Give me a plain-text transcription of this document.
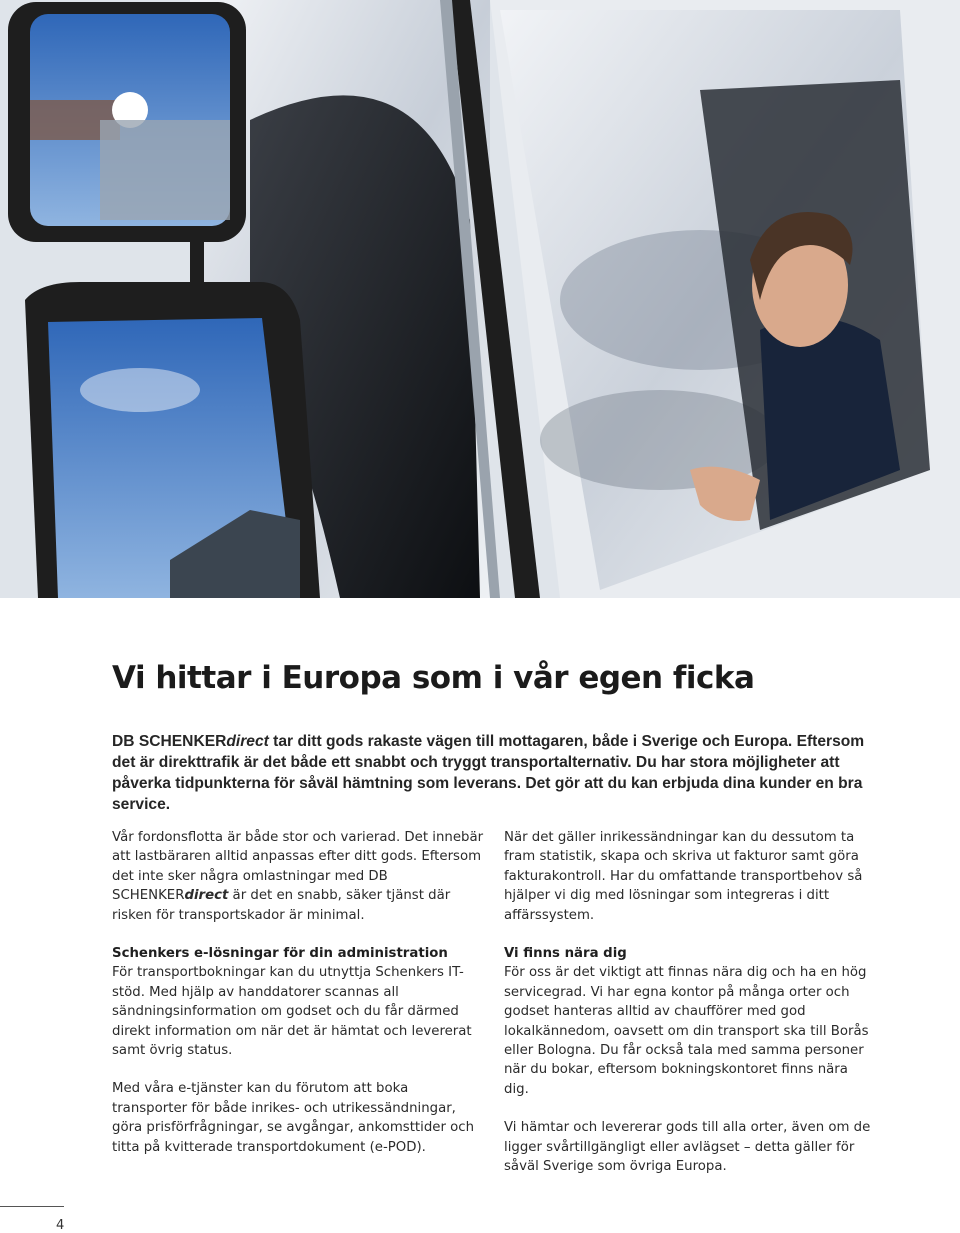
Vi hittar i Europa som i vår egen ficka

DB SCHENKERdirect tar ditt gods rakaste vägen till mottagaren, både i Sverige och Europa. Eftersom det är direkttrafik är det både ett snabbt och tryggt transportalternativ. Du har stora möjligheter att påverka tidpunkterna för såväl hämtning som leverans. Det gör att du kan erbjuda dina kunder en bra service.

Vår fordonsflotta är både stor och varierad. Det innebär att lastbäraren alltid anpassas efter ditt gods. Eftersom det inte sker några omlastningar med DB SCHENKERdirect är det en snabb, säker tjänst där risken för transportskador är minimal.

Schenkers e-lösningar för din administration

För transportbokningar kan du utnyttja Schenkers IT-stöd. Med hjälp av handdatorer scannas all sändningsinformation om godset och du får därmed direkt information om när det är hämtat och levererat samt övrig status.

Med våra e-tjänster kan du förutom att boka transporter för både inrikes- och utrikessändningar, göra prisförfrågningar, se avgångar, ankomsttider och titta på kvitterade transportdokument (e-POD).

När det gäller inrikessändningar kan du dessutom ta fram statistik, skapa och skriva ut fakturor samt göra fakturakontroll. Har du omfattande transportbehov så hjälper vi dig med lösningar som integreras i ditt affärssystem.

Vi finns nära dig

För oss är det viktigt att finnas nära dig och ha en hög servicegrad. Vi har egna kontor på många orter och godset hanteras alltid av chaufförer med god lokalkännedom, oavsett om din transport ska till Borås eller Bologna. Du får också tala med samma personer när du bokar, eftersom bokningskontoret finns nära dig.

Vi hämtar och levererar gods till alla orter, även om de ligger svårtillgängligt eller avlägset – detta gäller för såväl Sverige som övriga Europa.

4
